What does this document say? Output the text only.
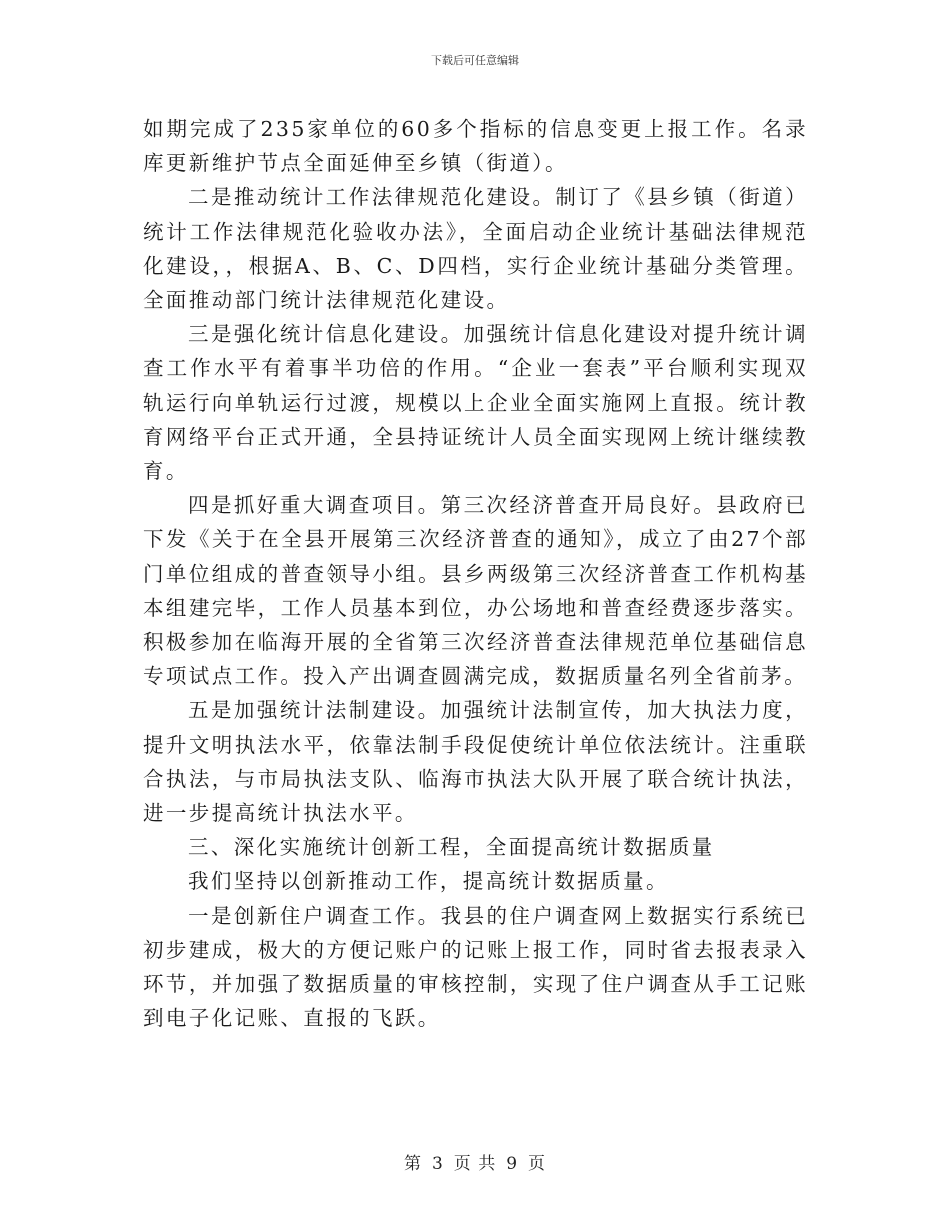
下载后可任意编辑

如期完成了235家单位的60多个指标的信息变更上报工作。名录库更新维护节点全面延伸至乡镇（街道）。

二是推动统计工作法律规范化建设。制订了《县乡镇（街道）统计工作法律规范化验收办法》，全面启动企业统计基础法律规范化建设，，根据A、B、C、D四档，实行企业统计基础分类管理。全面推动部门统计法律规范化建设。

三是强化统计信息化建设。加强统计信息化建设对提升统计调查工作水平有着事半功倍的作用。“企业一套表”平台顺利实现双轨运行向单轨运行过渡，规模以上企业全面实施网上直报。统计教育网络平台正式开通，全县持证统计人员全面实现网上统计继续教育。

四是抓好重大调查项目。第三次经济普查开局良好。县政府已下发《关于在全县开展第三次经济普查的通知》，成立了由27个部门单位组成的普查领导小组。县乡两级第三次经济普查工作机构基本组建完毕，工作人员基本到位，办公场地和普查经费逐步落实。积极参加在临海开展的全省第三次经济普查法律规范单位基础信息专项试点工作。投入产出调查圆满完成，数据质量名列全省前茅。

五是加强统计法制建设。加强统计法制宣传，加大执法力度，提升文明执法水平，依靠法制手段促使统计单位依法统计。注重联合执法，与市局执法支队、临海市执法大队开展了联合统计执法，进一步提高统计执法水平。

三、深化实施统计创新工程，全面提高统计数据质量

我们坚持以创新推动工作，提高统计数据质量。

一是创新住户调查工作。我县的住户调查网上数据实行系统已初步建成，极大的方便记账户的记账上报工作，同时省去报表录入环节，并加强了数据质量的审核控制，实现了住户调查从手工记账到电子化记账、直报的飞跃。

第 3 页 共 9 页
